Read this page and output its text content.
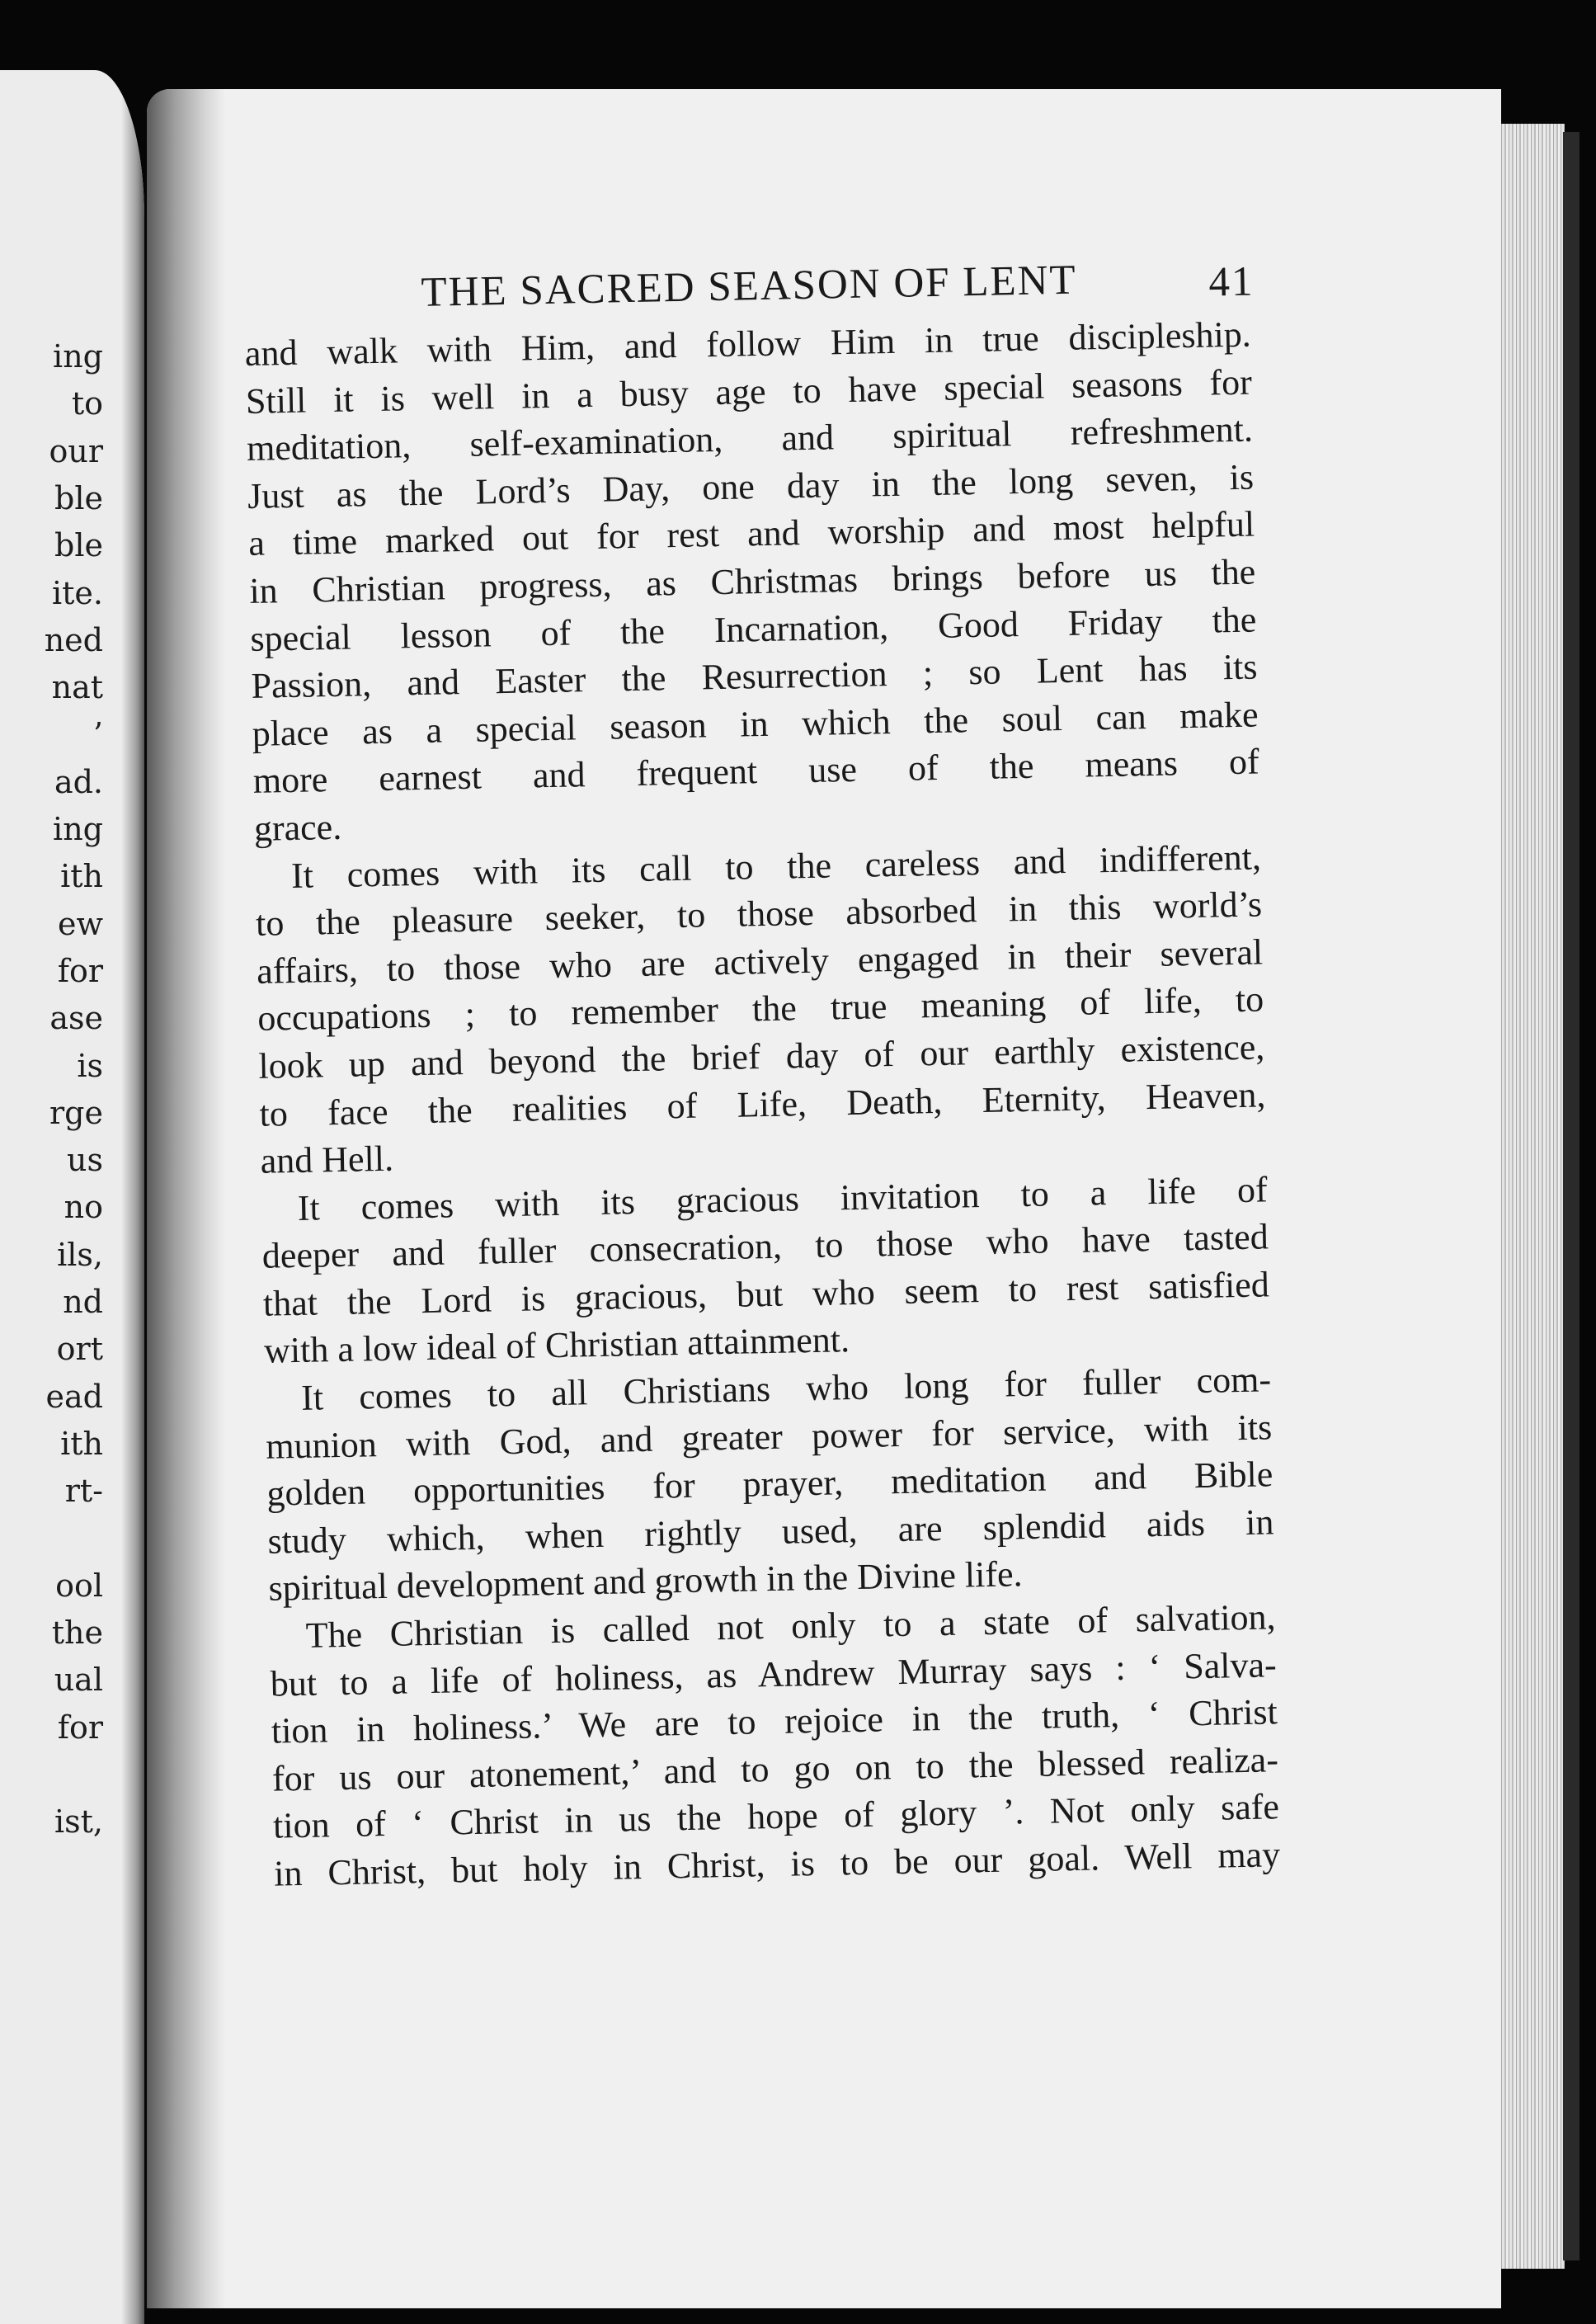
ing
to
our
ble
ble
ite.
ned
nat
’
ad.
ing
ith
ew
for
ase
is
rge
us
no
ils,
nd
ort
ead
ith
rt-
ool
the
ual
for
ist,
THE SACRED SEASON OF LENT	41
and walk with Him, and follow Him in true discipleship.
Still it is well in a busy age to have special seasons for
meditation, self-examination, and spiritual refreshment.
Just as the Lord’s Day, one day in the long seven, is
a time marked out for rest and worship and most helpful
in Christian progress, as Christmas brings before us the
special lesson of the Incarnation, Good Friday the
Passion, and Easter the Resurrection ; so Lent has its
place as a special season in which the soul can make
more earnest and frequent use of the means of
grace.
It comes with its call to the careless and indifferent,
to the pleasure seeker, to those absorbed in this world’s
affairs, to those who are actively engaged in their several
occupations ; to remember the true meaning of life, to
look up and beyond the brief day of our earthly existence,
to face the realities of Life, Death, Eternity, Heaven,
and Hell.
It comes with its gracious invitation to a life of
deeper and fuller consecration, to those who have tasted
that the Lord is gracious, but who seem to rest satisfied
with a low ideal of Christian attainment.
It comes to all Christians who long for fuller com-
munion with God, and greater power for service, with its
golden opportunities for prayer, meditation and Bible
study which, when rightly used, are splendid aids in
spiritual development and growth in the Divine life.
The Christian is called not only to a state of salvation,
but to a life of holiness, as Andrew Murray says : ‘ Salva-
tion in holiness.’ We are to rejoice in the truth, ‘ Christ
for us our atonement,’ and to go on to the blessed realiza-
tion of ‘ Christ in us the hope of glory ’. Not only safe
in Christ, but holy in Christ, is to be our goal. Well may
